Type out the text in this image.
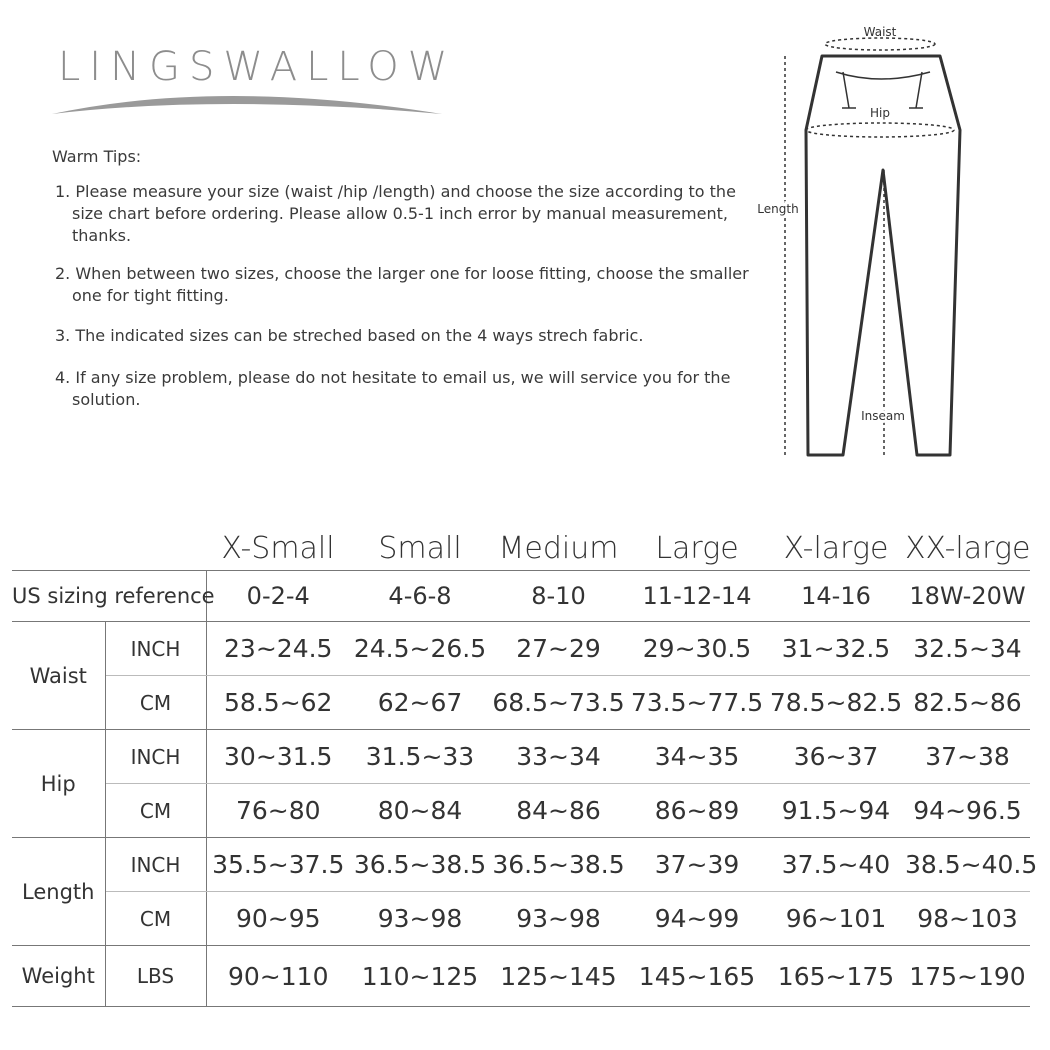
LINGSWALLOW
Warm Tips:
1. Please measure your size (waist /hip /length) and choose the size according to the size chart before ordering. Please allow 0.5-1 inch error by manual measurement, thanks.
2. When between two sizes, choose the larger one for loose fitting, choose the smaller one for tight fitting.
3. The indicated sizes can be streched based on the 4 ways strech fabric.
4. If any size problem, please do not hesitate to email us, we will service you for the solution.
Waist
Hip
Length
Inseam
		X-Small	Small	Medium	Large	X-large	XX-large
US sizing reference		0-2-4	4-6-8	8-10	11-12-14	14-16	18W-20W
Waist	INCH	23~24.5	24.5~26.5	27~29	29~30.5	31~32.5	32.5~34
	CM	58.5~62	62~67	68.5~73.5	73.5~77.5	78.5~82.5	82.5~86
Hip	INCH	30~31.5	31.5~33	33~34	34~35	36~37	37~38
	CM	76~80	80~84	84~86	86~89	91.5~94	94~96.5
Length	INCH	35.5~37.5	36.5~38.5	36.5~38.5	37~39	37.5~40	38.5~40.5
	CM	90~95	93~98	93~98	94~99	96~101	98~103
Weight	LBS	90~110	110~125	125~145	145~165	165~175	175~190
